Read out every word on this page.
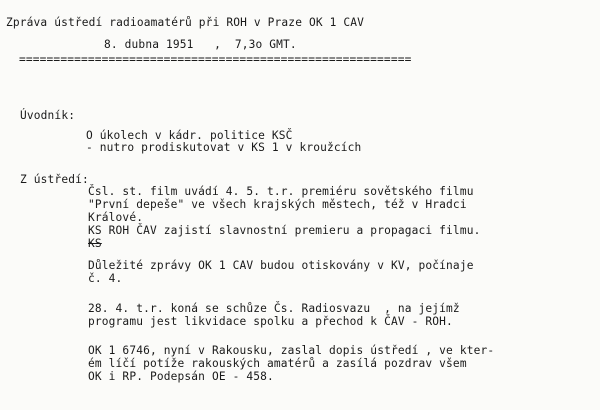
Zpráva ústředí radioamatérů při ROH v Praze OK 1 CAV
8. dubna 1951   ,  7,3o GMT.
=========================================================
Úvodník:
O úkolech v kádr. politice KSČ
- nutro prodiskutovat v KS 1 v kroužcích
Z ústředí:
Čsl. st. film uvádí 4. 5. t.r. premiéru sovětského filmu
"První depeše" ve všech krajských městech, též v Hradci
Králové.
KS ROH ČAV zajistí slavnostní premieru a propagaci filmu.
KS
Důležité zprávy OK 1 CAV budou otiskovány v KV, počínaje
č. 4.
28. 4. t.r. koná se schůze Čs. Radiosvazu  , na jejímž
programu jest likvidace spolku a přechod k ČAV - ROH.
OK 1 6746, nyní v Rakousku, zaslal dopis ústředí , ve kter-
ém líčí potíže rakouských amatérů a zasílá pozdrav všem
OK i RP. Podepsán OE - 458.
